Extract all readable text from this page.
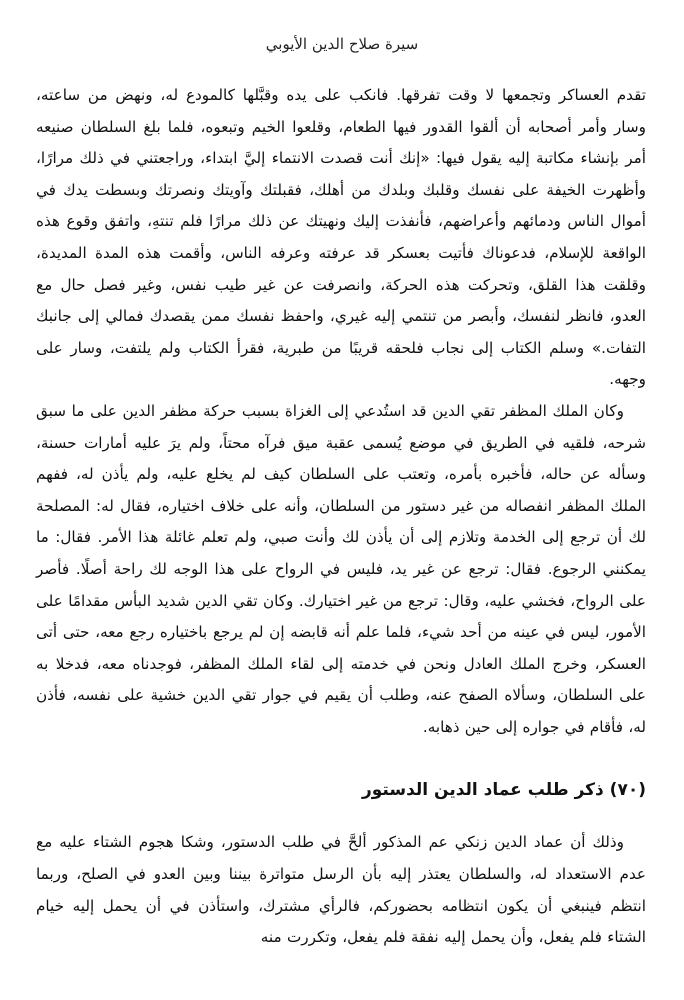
سيرة صلاح الدين الأيوبي

تقدم العساكر وتجمعها لا وقت تفرقها. فانكب على يده وقبَّلها كالمودع له، ونهض من ساعته، وسار وأمر أصحابه أن ألقوا القدور فيها الطعام، وقلعوا الخيم وتبعوه، فلما بلغ السلطان صنيعه أمر بإنشاء مكاتبة إليه يقول فيها: «إنك أنت قصدت الانتماء إليَّ ابتداء، وراجعتني في ذلك مرارًا، وأظهرت الخيفة على نفسك وقلبك وبلدك من أهلك، فقبلتك وآويتك ونصرتك وبسطت يدك في أموال الناس ودمائهم وأعراضهم، فأنفذت إليك ونهيتك عن ذلك مرارًا فلم تنتهِ، واتفق وقوع هذه الواقعة للإسلام، فدعوناك فأتيت بعسكر قد عرفته وعرفه الناس، وأقمت هذه المدة المديدة، وقلقت هذا القلق، وتحركت هذه الحركة، وانصرفت عن غير طيب نفس، وغير فصل حال مع العدو، فانظر لنفسك، وأبصر من تنتمي إليه غيري، واحفظ نفسك ممن يقصدك فمالي إلى جانبك التفات.» وسلم الكتاب إلى نجاب فلحقه قريبًا من طبرية، فقرأ الكتاب ولم يلتفت، وسار على وجهه.

وكان الملك المظفر تقي الدين قد استُدعي إلى الغزاة بسبب حركة مظفر الدين على ما سبق شرحه، فلقيه في الطريق في موضع يُسمى عقبة ميق فرآه محتاً، ولم يرَ عليه أمارات حسنة، وسأله عن حاله، فأخبره بأمره، وتعتب على السلطان كيف لم يخلع عليه، ولم يأذن له، ففهم الملك المظفر انفصاله من غير دستور من السلطان، وأنه على خلاف اختياره، فقال له: المصلحة لك أن ترجع إلى الخدمة وتلازم إلى أن يأذن لك وأنت صبي، ولم تعلم غائلة هذا الأمر. فقال: ما يمكنني الرجوع. فقال: ترجع عن غير يد، فليس في الرواح على هذا الوجه لك راحة أصلًا. فأصر على الرواح، فخشي عليه، وقال: ترجع من غير اختيارك. وكان تقي الدين شديد البأس مقدامًا على الأمور، ليس في عينه من أحد شيء، فلما علم أنه قابضه إن لم يرجع باختياره رجع معه، حتى أتى العسكر، وخرج الملك العادل ونحن في خدمته إلى لقاء الملك المظفر، فوجدناه معه، فدخلا به على السلطان، وسألاه الصفح عنه، وطلب أن يقيم في جوار تقي الدين خشية على نفسه، فأذن له، فأقام في جواره إلى حين ذهابه.

(٧٠) ذكر طلب عماد الدين الدستور

وذلك أن عماد الدين زنكي عم المذكور ألحَّ في طلب الدستور، وشكا هجوم الشتاء عليه مع عدم الاستعداد له، والسلطان يعتذر إليه بأن الرسل متواترة بيننا وبين العدو في الصلح، وربما انتظم فينبغي أن يكون انتظامه بحضوركم، فالرأي مشترك، واستأذن في أن يحمل إليه خيام الشتاء فلم يفعل، وأن يحمل إليه نفقة فلم يفعل، وتكررت منه
